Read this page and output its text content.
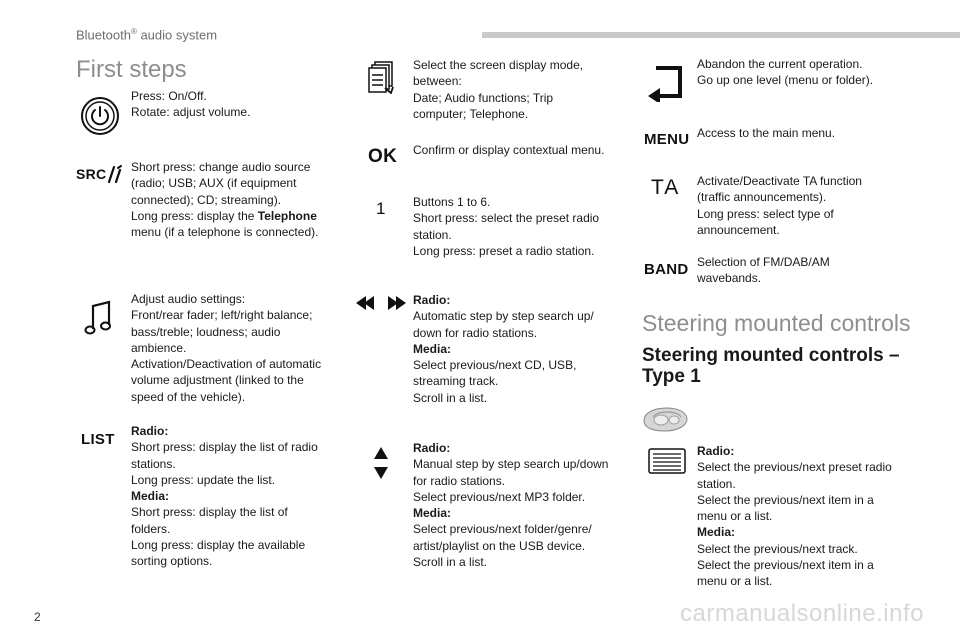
Bluetooth® audio system
First steps
Press: On/Off.
Rotate: adjust volume.
SRC Short press: change audio source
(radio; USB; AUX (if equipment
connected); CD; streaming).
Long press: display the Telephone
menu (if a telephone is connected).
Adjust audio settings:
Front/rear fader; left/right balance;
bass/treble; loudness; audio
ambience.
Activation/Deactivation of automatic
volume adjustment (linked to the
speed of the vehicle).
LIST Radio:
Short press: display the list of radio
stations.
Long press: update the list.
Media:
Short press: display the list of
folders.
Long press: display the available
sorting options.
Select the screen display mode,
between:
Date; Audio functions; Trip
computer; Telephone.
OK Confirm or display contextual menu.
1 Buttons 1 to 6.
Short press: select the preset radio
station.
Long press: preset a radio station.
Radio:
Automatic step by step search up/
down for radio stations.
Media:
Select previous/next CD, USB,
streaming track.
Scroll in a list.
Radio:
Manual step by step search up/down
for radio stations.
Select previous/next MP3 folder.
Media:
Select previous/next folder/genre/
artist/playlist on the USB device.
Scroll in a list.
Abandon the current operation.
Go up one level (menu or folder).
MENU Access to the main menu.
TA Activate/Deactivate TA function
(traffic announcements).
Long press: select type of
announcement.
BAND Selection of FM/DAB/AM
wavebands.
Steering mounted controls
Steering mounted controls –
Type 1
Radio:
Select the previous/next preset radio
station.
Select the previous/next item in a
menu or a list.
Media:
Select the previous/next track.
Select the previous/next item in a
menu or a list.
2	carmanualsonline.info
